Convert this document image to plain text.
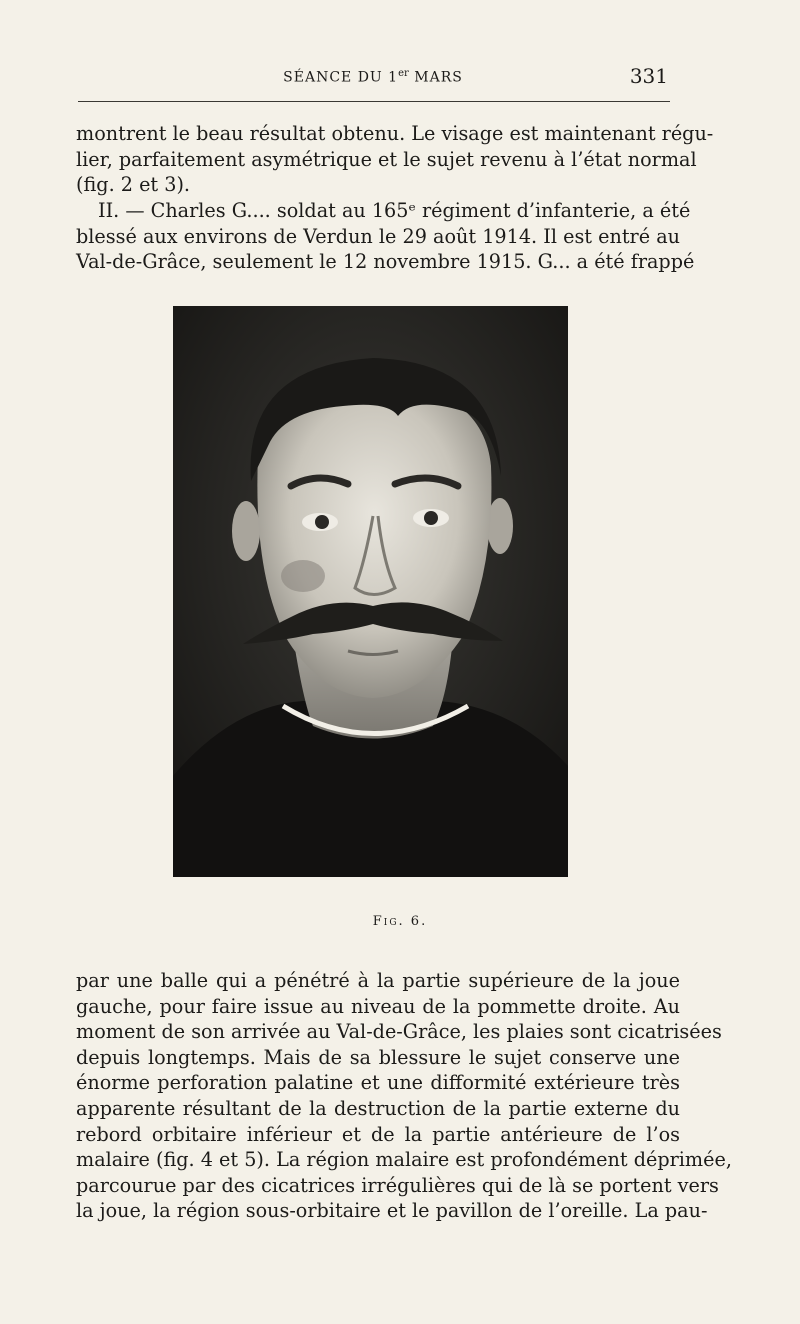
SÉANCE DU 1er MARS	331
montrent le beau résultat obtenu. Le visage est maintenant régu-
lier, parfaitement asymétrique et le sujet revenu à l’état normal
(fig. 2 et 3).
II. — Charles G.... soldat au 165ᵉ régiment d’infanterie, a été
blessé aux environs de Verdun le 29 août 1914. Il est entré au
Val-de-Grâce, seulement le 12 novembre 1915. G... a été frappé
Fig. 6.
par une balle qui a pénétré à la partie supérieure de la joue
gauche, pour faire issue au niveau de la pommette droite. Au
moment de son arrivée au Val-de-Grâce, les plaies sont cicatrisées
depuis longtemps. Mais de sa blessure le sujet conserve une
énorme perforation palatine et une difformité extérieure très
apparente résultant de la destruction de la partie externe du
rebord orbitaire inférieur et de la partie antérieure de l’os
malaire (fig. 4 et 5). La région malaire est profondément déprimée,
parcourue par des cicatrices irrégulières qui de là se portent vers
la joue, la région sous-orbitaire et le pavillon de l’oreille. La pau-
